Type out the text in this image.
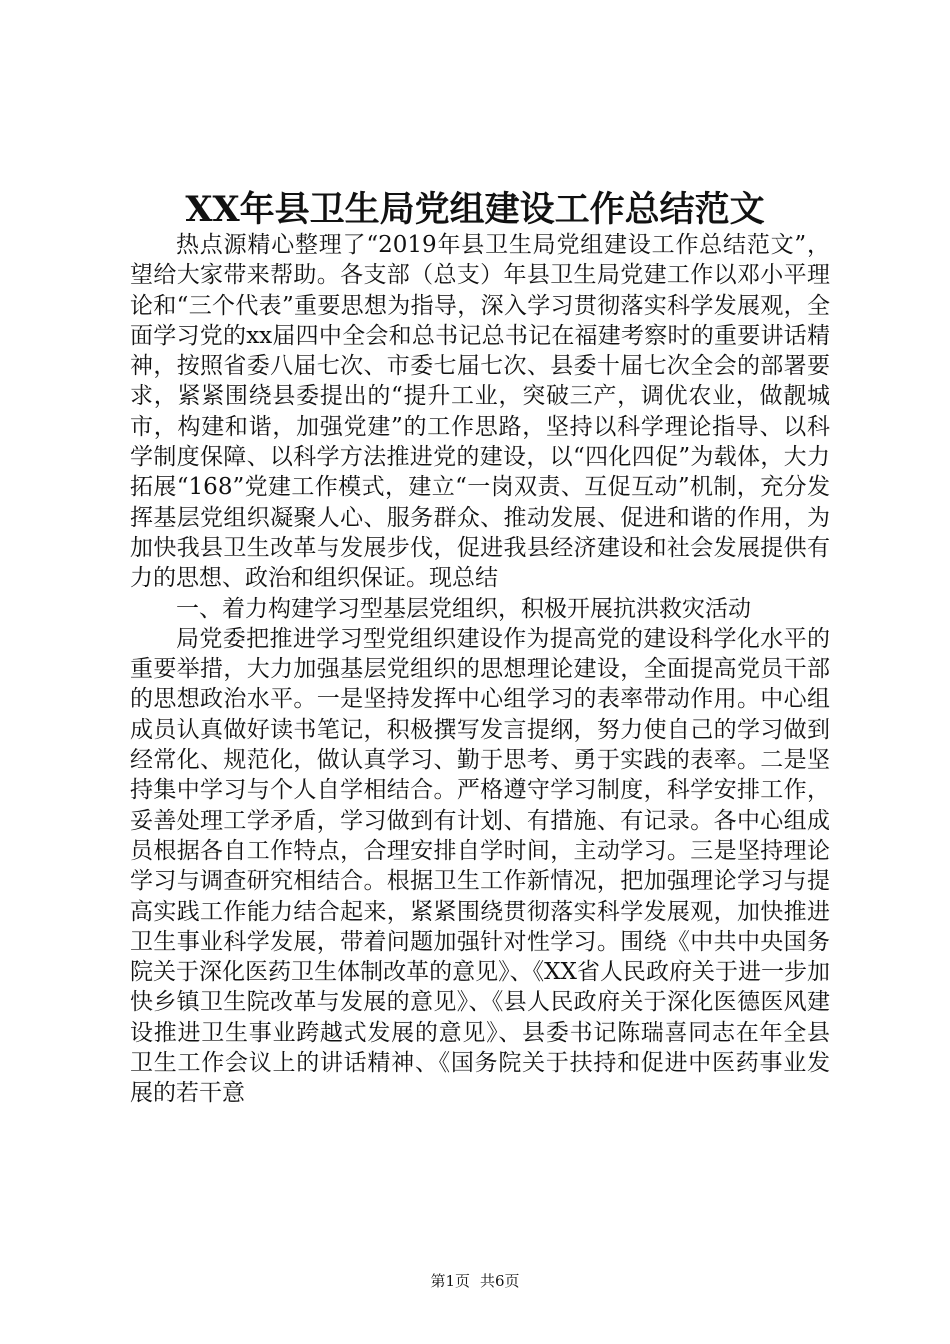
XX年县卫生局党组建设工作总结范文

热点源精心整理了“2019年县卫生局党组建设工作总结范文”，望给大家带来帮助。各支部（总支）年县卫生局党建工作以邓小平理论和“三个代表”重要思想为指导，深入学习贯彻落实科学发展观，全面学习党的xx届四中全会和总书记总书记在福建考察时的重要讲话精神，按照省委八届七次、市委七届七次、县委十届七次全会的部署要求，紧紧围绕县委提出的“提升工业，突破三产，调优农业，做靓城市，构建和谐，加强党建”的工作思路，坚持以科学理论指导、以科学制度保障、以科学方法推进党的建设，以“四化四促”为载体，大力拓展“168”党建工作模式，建立“一岗双责、互促互动”机制，充分发挥基层党组织凝聚人心、服务群众、推动发展、促进和谐的作用，为加快我县卫生改革与发展步伐，促进我县经济建设和社会发展提供有力的思想、政治和组织保证。现总结

一、着力构建学习型基层党组织，积极开展抗洪救灾活动

局党委把推进学习型党组织建设作为提高党的建设科学化水平的重要举措，大力加强基层党组织的思想理论建设，全面提高党员干部的思想政治水平。一是坚持发挥中心组学习的表率带动作用。中心组成员认真做好读书笔记，积极撰写发言提纲，努力使自己的学习做到经常化、规范化，做认真学习、勤于思考、勇于实践的表率。二是坚持集中学习与个人自学相结合。严格遵守学习制度，科学安排工作，妥善处理工学矛盾，学习做到有计划、有措施、有记录。各中心组成员根据各自工作特点，合理安排自学时间，主动学习。三是坚持理论学习与调查研究相结合。根据卫生工作新情况，把加强理论学习与提高实践工作能力结合起来，紧紧围绕贯彻落实科学发展观，加快推进卫生事业科学发展，带着问题加强针对性学习。围绕《中共中央国务院关于深化医药卫生体制改革的意见》、《XX省人民政府关于进一步加快乡镇卫生院改革与发展的意见》、《县人民政府关于深化医德医风建设推进卫生事业跨越式发展的意见》、县委书记陈瑞喜同志在年全县卫生工作会议上的讲话精神、《国务院关于扶持和促进中医药事业发展的若干意

第1页 共6页
